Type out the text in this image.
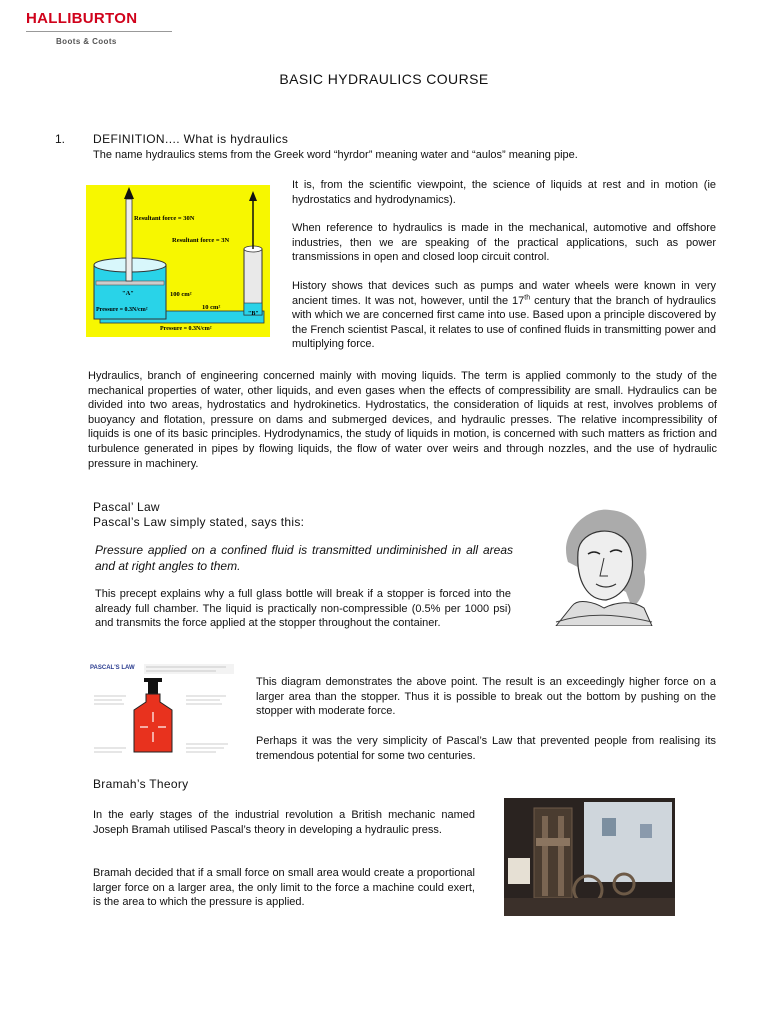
HALLIBURTON
Boots & Coots
BASIC HYDRAULICS COURSE
1. DEFINITION.... What is hydraulics
The name hydraulics stems from the Greek word “hyrdor” meaning water and “aulos” meaning pipe.
Resultant force = 30N
Resultant force = 3N
"A"
"B"
100 cm²
10 cm²
Pressure = 0.3N/cm²
Pressure = 0.3N/cm²

It is, from the scientific viewpoint, the science of liquids at rest and in motion (ie hydrostatics and hydrodynamics).

When reference to hydraulics is made in the mechanical, automotive and offshore industries, then we are speaking of the practical applications, such as power transmissions in open and closed loop circuit control.

History shows that devices such as pumps and water wheels were known in very ancient times. It was not, however, until the 17th century that the branch of hydraulics with which we are concerned first came into use. Based upon a principle discovered by the French scientist Pascal, it relates to use of confined fluids in transmitting power and multiplying force.

Hydraulics, branch of engineering concerned mainly with moving liquids. The term is applied commonly to the study of the mechanical properties of water, other liquids, and even gases when the effects of compressibility are small. Hydraulics can be divided into two areas, hydrostatics and hydrokinetics. Hydrostatics, the consideration of liquids at rest, involves problems of buoyancy and flotation, pressure on dams and submerged devices, and hydraulic presses. The relative incompressibility of liquids is one of its basic principles. Hydrodynamics, the study of liquids in motion, is concerned with such matters as friction and turbulence generated in pipes by flowing liquids, the flow of water over weirs and through nozzles, and the use of hydraulic pressure in machinery.

Pascal’ Law
Pascal’s Law simply stated, says this:
Pressure applied on a confined fluid is transmitted undiminished in all areas and at right angles to them.

This precept explains why a full glass bottle will break if a stopper is forced into the already full chamber. The liquid is practically non-compressible (0.5% per 1000 psi) and transmits the force applied at the stopper throughout the container.

PASCAL'S LAW

This diagram demonstrates the above point. The result is an exceedingly higher force on a larger area than the stopper. Thus it is possible to break out the bottom by pushing on the stopper with moderate force.

Perhaps it was the very simplicity of Pascal’s Law that prevented people from realising its tremendous potential for some two centuries.

Bramah’s Theory

In the early stages of the industrial revolution a British mechanic named Joseph Bramah utilised Pascal’s theory in developing a hydraulic press.

Bramah decided that if a small force on small area would create a proportional larger force on a larger area, the only limit to the force a machine could exert, is the area to which the pressure is applied.
